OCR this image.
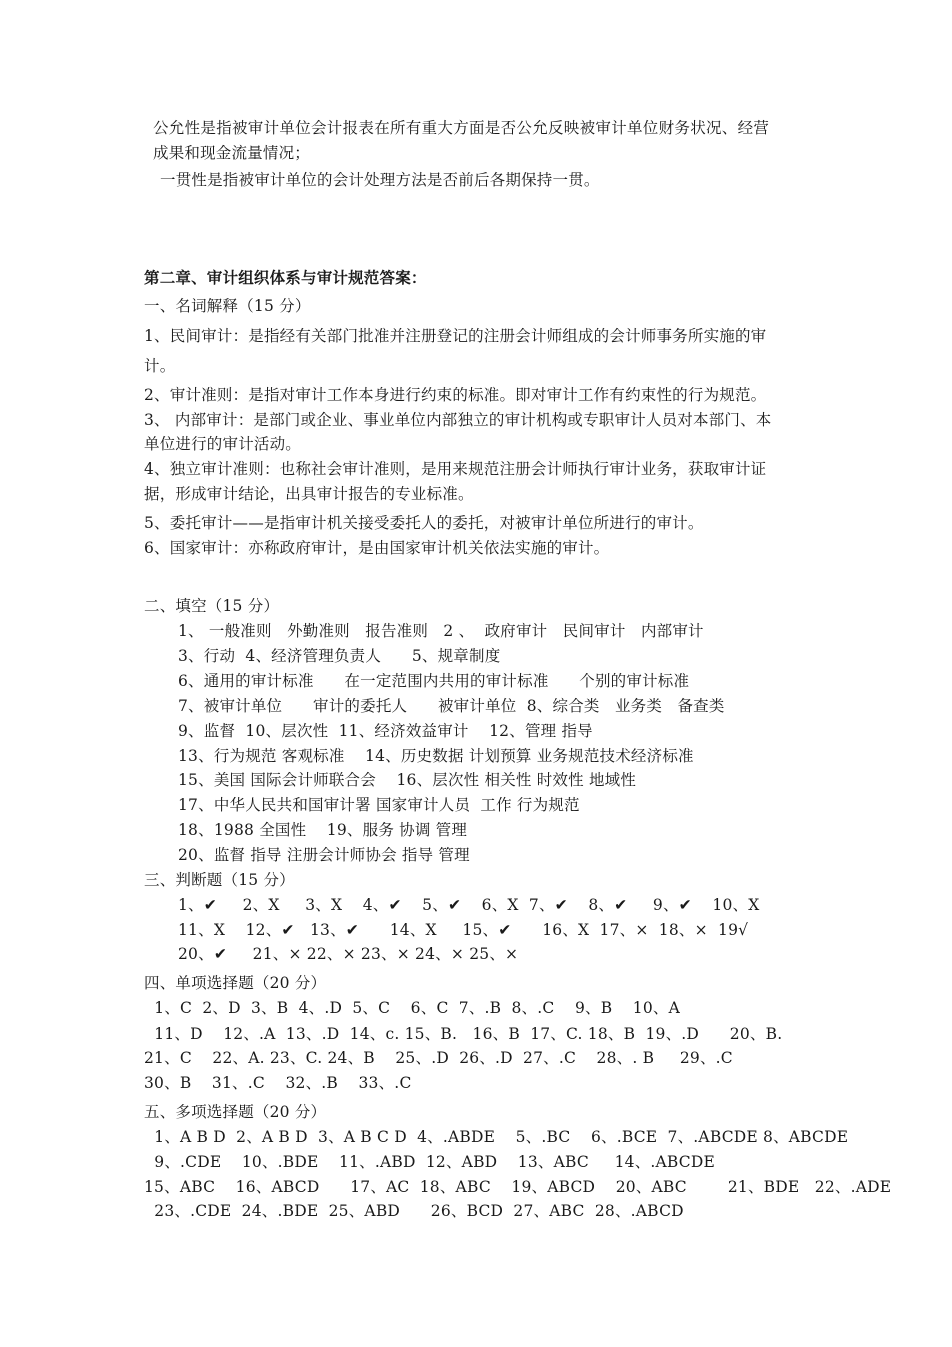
公允性是指被审计单位会计报表在所有重大方面是否公允反映被审计单位财务状况、经营
成果和现金流量情况；
一贯性是指被审计单位的会计处理方法是否前后各期保持一贯。
第二章、审计组织体系与审计规范答案：
一、名词解释（15 分）
1、民间审计：是指经有关部门批准并注册登记的注册会计师组成的会计师事务所实施的审
计。
2、审计准则：是指对审计工作本身进行约束的标准。即对审计工作有约束性的行为规范。
3、 内部审计：是部门或企业、事业单位内部独立的审计机构或专职审计人员对本部门、本
单位进行的审计活动。
4、独立审计准则：也称社会审计准则，是用来规范注册会计师执行审计业务，获取审计证
据，形成审计结论，出具审计报告的专业标准。
5、委托审计——是指审计机关接受委托人的委托，对被审计单位所进行的审计。
6、国家审计：亦称政府审计，是由国家审计机关依法实施的审计。
二、填空（15 分）
1、 一般准则   外勤准则   报告准则   2 、  政府审计   民间审计   内部审计
3、行动  4、经济管理负责人      5、规章制度
6、通用的审计标准      在一定范围内共用的审计标准      个别的审计标准
7、被审计单位      审计的委托人      被审计单位  8、综合类   业务类   备查类
9、监督  10、层次性  11、经济效益审计    12、管理 指导
13、行为规范 客观标准    14、历史数据 计划预算 业务规范技术经济标准
15、美国 国际会计师联合会    16、层次性 相关性 时效性 地域性
17、中华人民共和国审计署 国家审计人员  工作 行为规范
18、1988 全国性    19、服务 协调 管理
20、监督 指导 注册会计师协会 指导 管理
三、判断题（15 分）
1、✔     2、X     3、X    4、✔    5、✔    6、X  7、✔    8、✔     9、✔    10、X
11、X    12、✔   13、✔      14、X     15、✔      16、X  17、×  18、×  19√
20、✔     21、× 22、× 23、× 24、× 25、×
四、单项选择题（20 分）
1、C  2、D  3、B  4、.D  5、C    6、C  7、.B  8、.C    9、B    10、A
11、D    12、.A  13、.D  14、c. 15、B.   16、B  17、C. 18、B  19、.D      20、B.
21、C    22、A. 23、C. 24、B    25、.D  26、.D  27、.C    28、. B     29、.C
30、B    31、.C    32、.B    33、.C
五、多项选择题（20 分）
1、A B D  2、A B D  3、A B C D  4、.ABDE    5、.BC    6、.BCE  7、.ABCDE 8、ABCDE
9、.CDE    10、.BDE    11、.ABD  12、ABD    13、ABC     14、.ABCDE
15、ABC    16、ABCD      17、AC  18、ABC    19、ABCD    20、ABC        21、BDE   22、.ADE
23、.CDE  24、.BDE  25、ABD      26、BCD  27、ABC  28、.ABCD
